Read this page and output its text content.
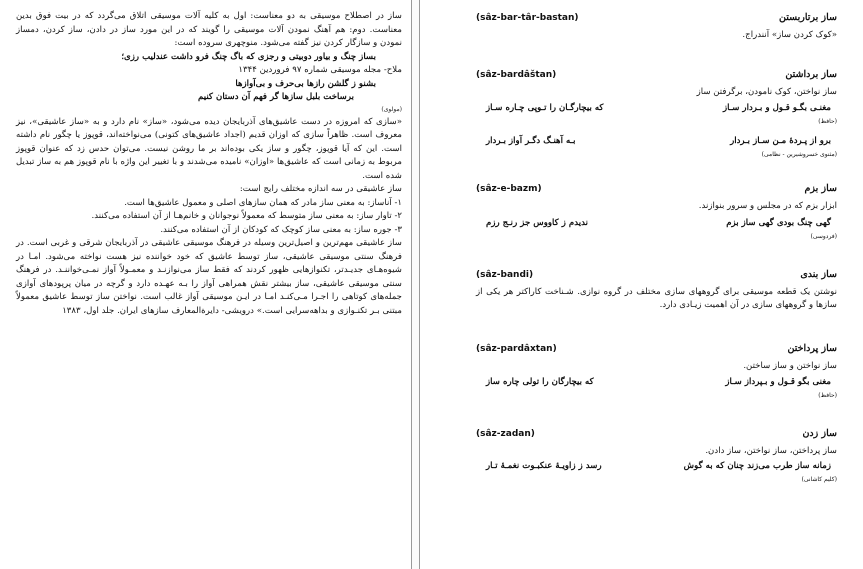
ساز در اصطلاح موسیقی به دو معناست: اول به کلیه آلات موسیقی اتلاق می‌گردد که در بیت فوق بدین معناست. دوم: هم آهنگ نمودن آلات موسیقی را گویند که در این مورد ساز در دادن، ساز کردن، دمساز نمودن و سازگار کردن نیز گفته می‌شود. منوچهری سروده است:

بساز چنگ و بیاور دوبیتی و رجزی که باگ چنگ فرو داشت عندلیب رزی؛

ملاح- مجله موسیقی شماره ۹۷ فروردین ۱۳۴۴

بشنو ز گلشن رازها بی‌حرف و بی‌آوازها

برساخت بلبل سازها گر فهم آن دستان کنیم

(مولوی)

«سازی که امروزه در دست عاشیق‌های آذربایجان دیده می‌شود، «ساز» نام دارد و به «ساز عاشیقی»، نیز معروف است. ظاهراً سازی که اوزان قدیم (اجداد عاشیق‌های کتونی) می‌نواخته‌اند، قوپوز یا چگور نام داشته است. این که آیا قوپوز، چگور و ساز یکی بوده‌اند بر ما روشن نیست. می‌توان حدس زد که عنوان قوپوز مربوط به زمانی است که عاشیق‌ها «اوزان» نامیده می‌شدند و با تغییر این واژه با نام قوپوز هم به ساز تبدیل شده است.

ساز عاشیقی در سه اندازه مختلف رایج است:

۱- آناساز: به معنی ساز مادر که همان سازهای اصلی و معمول عاشیق‌ها است.

۲- تاوار ساز: به معنی ساز متوسط که معمولاً نوجوانان و خانم‌هـا از آن استفاده می‌کنند.

۳- جوره ساز: به معنی ساز کوچک که کودکان از آن استفاده می‌کنند.

ساز عاشیقی مهم‌ترین و اصیل‌ترین وسیله در فرهنگ موسیقی عاشیقی در آذربایجان شرقی و غربی است. در فرهنگ سنتی موسیقی عاشیقی، ساز توسط عاشیق که خود خواننده نیز هست نواخته می‌شود. امـا در شیوه‌هـای جدیـدتر، تکنوازهایی ظهور کردند که فقط ساز می‌نوازنـد و معمـولاً آواز نمـی‌خواننـد. در فرهنگ سنتی موسیقی عاشیقی، ساز بیشتر نقش همراهی آواز را بـه عهـده دارد و گرچه در میان پرپودهای آوازی جمله‌های کوتاهی را اجـرا مـی‌کنـد امـا در ایـن موسیقی آواز غالب است. نواختن ساز توسط عاشیق معمولاً مبتنی بـر تکنـوازی و بداهه‌سرایی است.» درویشی- دایرةالمعارف سازهای ایران. جلد اول، ۱۳۸۳

ساز برتاربستن
(sâz-bar-târ-bastan)

«کوک کردن ساز» آنندراج.

ساز برداشتن
(sâz-bardâštan)

ساز نواختن، کوک نامودن، برگرفتن ساز

مغنـی بگـو قـول و بـردار سـاز
که بیچارگـان را تـوپی چـاره سـاز

(حافظ)

برو از پـردهٔ مـن سـاز بـردار
بـه آهنـگ دگـر آواز بـردار

(مثنوی خسرو‌شیرین - نظامی)

ساز بزم
(sâz-e-bazm)

ابزار بزم که در مجلس و سرور بنوازند.

گهی چنگ بودی گهی ساز بزم
ندیدم ز کاووس جز رنـج رزم

(فردوسی)

ساز بندی
(sâz-bandi)

نوشتن یک قطعه موسیقی برای گروههای سازی مختلف در گروه نوازی. شـناخت کاراکتر هر یکی از سازها و گروههای سازی در آن اهمیت زیـادی دارد.

ساز پرداختن
(sâz-pardâxtan)

ساز نواختن و ساز ساختن.

مغنی بگو قـول و بـپرداز سـاز
که بیچارگان را تولی چاره ساز

(حافظ)

ساز زدن
(sâz-zadan)

ساز پرداختن، ساز نواختن، ساز دادن.

زمانه ساز طرب می‌زند چنان که به گوش
رسد ز زاویـهٔ عنکبـوت نغمـهٔ تـار

(کلیم کاشانی)
